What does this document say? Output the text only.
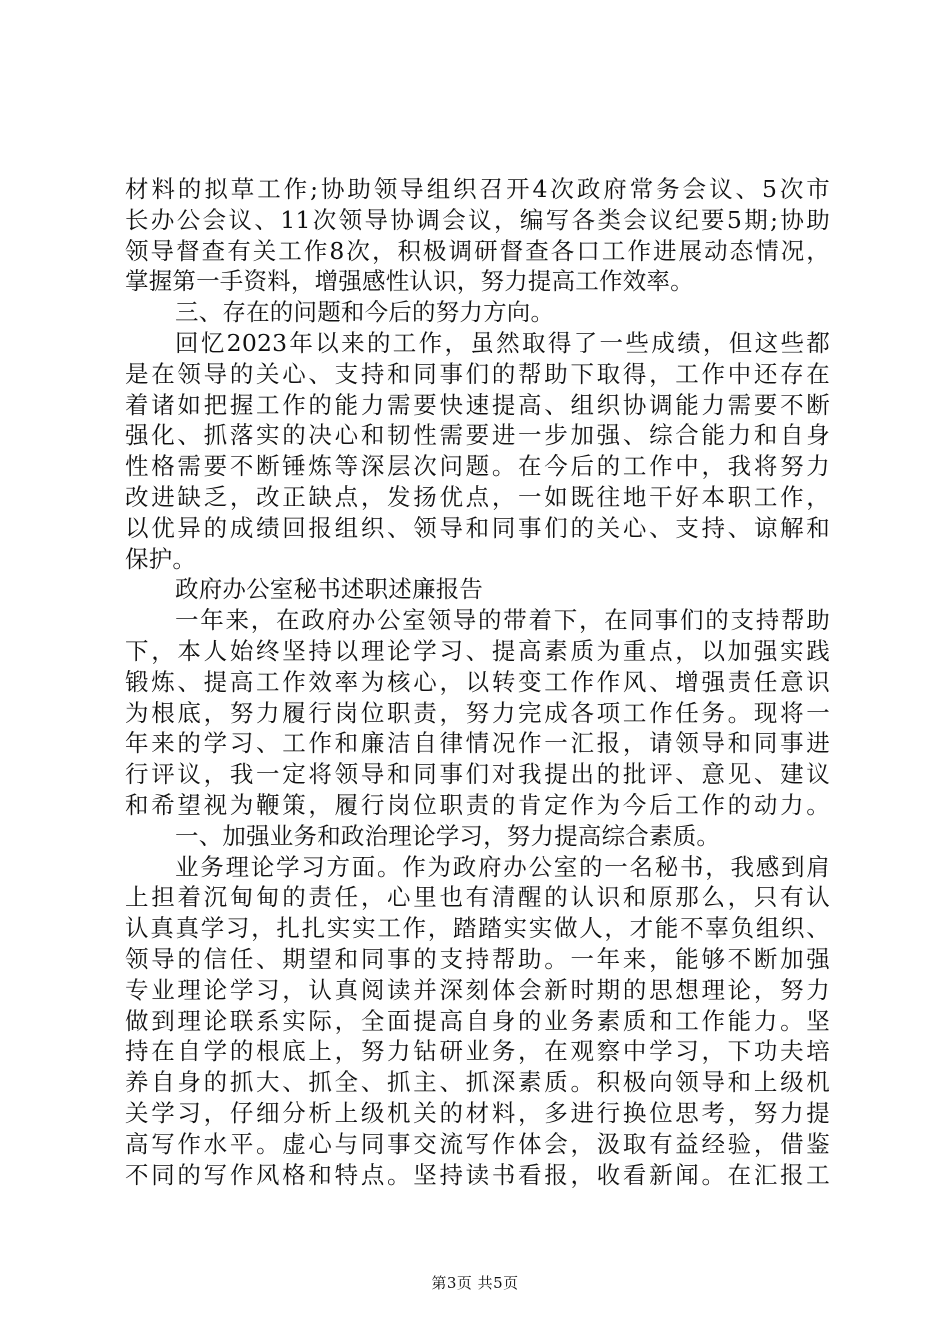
材料的拟草工作;协助领导组织召开4次政府常务会议、5次市
长办公会议、11次领导协调会议，编写各类会议纪要5期;协助
领导督查有关工作8次，积极调研督查各口工作进展动态情况，
掌握第一手资料，增强感性认识，努力提高工作效率。
三、存在的问题和今后的努力方向。
回忆2023年以来的工作，虽然取得了一些成绩，但这些都
是在领导的关心、支持和同事们的帮助下取得，工作中还存在
着诸如把握工作的能力需要快速提高、组织协调能力需要不断
强化、抓落实的决心和韧性需要进一步加强、综合能力和自身
性格需要不断锤炼等深层次问题。在今后的工作中，我将努力
改进缺乏，改正缺点，发扬优点，一如既往地干好本职工作，
以优异的成绩回报组织、领导和同事们的关心、支持、谅解和
保护。
政府办公室秘书述职述廉报告
一年来，在政府办公室领导的带着下，在同事们的支持帮助
下，本人始终坚持以理论学习、提高素质为重点，以加强实践
锻炼、提高工作效率为核心，以转变工作作风、增强责任意识
为根底，努力履行岗位职责，努力完成各项工作任务。现将一
年来的学习、工作和廉洁自律情况作一汇报，请领导和同事进
行评议，我一定将领导和同事们对我提出的批评、意见、建议
和希望视为鞭策，履行岗位职责的肯定作为今后工作的动力。
一、加强业务和政治理论学习，努力提高综合素质。
业务理论学习方面。作为政府办公室的一名秘书，我感到肩
上担着沉甸甸的责任，心里也有清醒的认识和原那么，只有认
认真真学习，扎扎实实工作，踏踏实实做人，才能不辜负组织、
领导的信任、期望和同事的支持帮助。一年来，能够不断加强
专业理论学习，认真阅读并深刻体会新时期的思想理论，努力
做到理论联系实际，全面提高自身的业务素质和工作能力。坚
持在自学的根底上，努力钻研业务，在观察中学习，下功夫培
养自身的抓大、抓全、抓主、抓深素质。积极向领导和上级机
关学习，仔细分析上级机关的材料，多进行换位思考，努力提
高写作水平。虚心与同事交流写作体会，汲取有益经验，借鉴
不同的写作风格和特点。坚持读书看报，收看新闻。在汇报工
第3页 共5页
